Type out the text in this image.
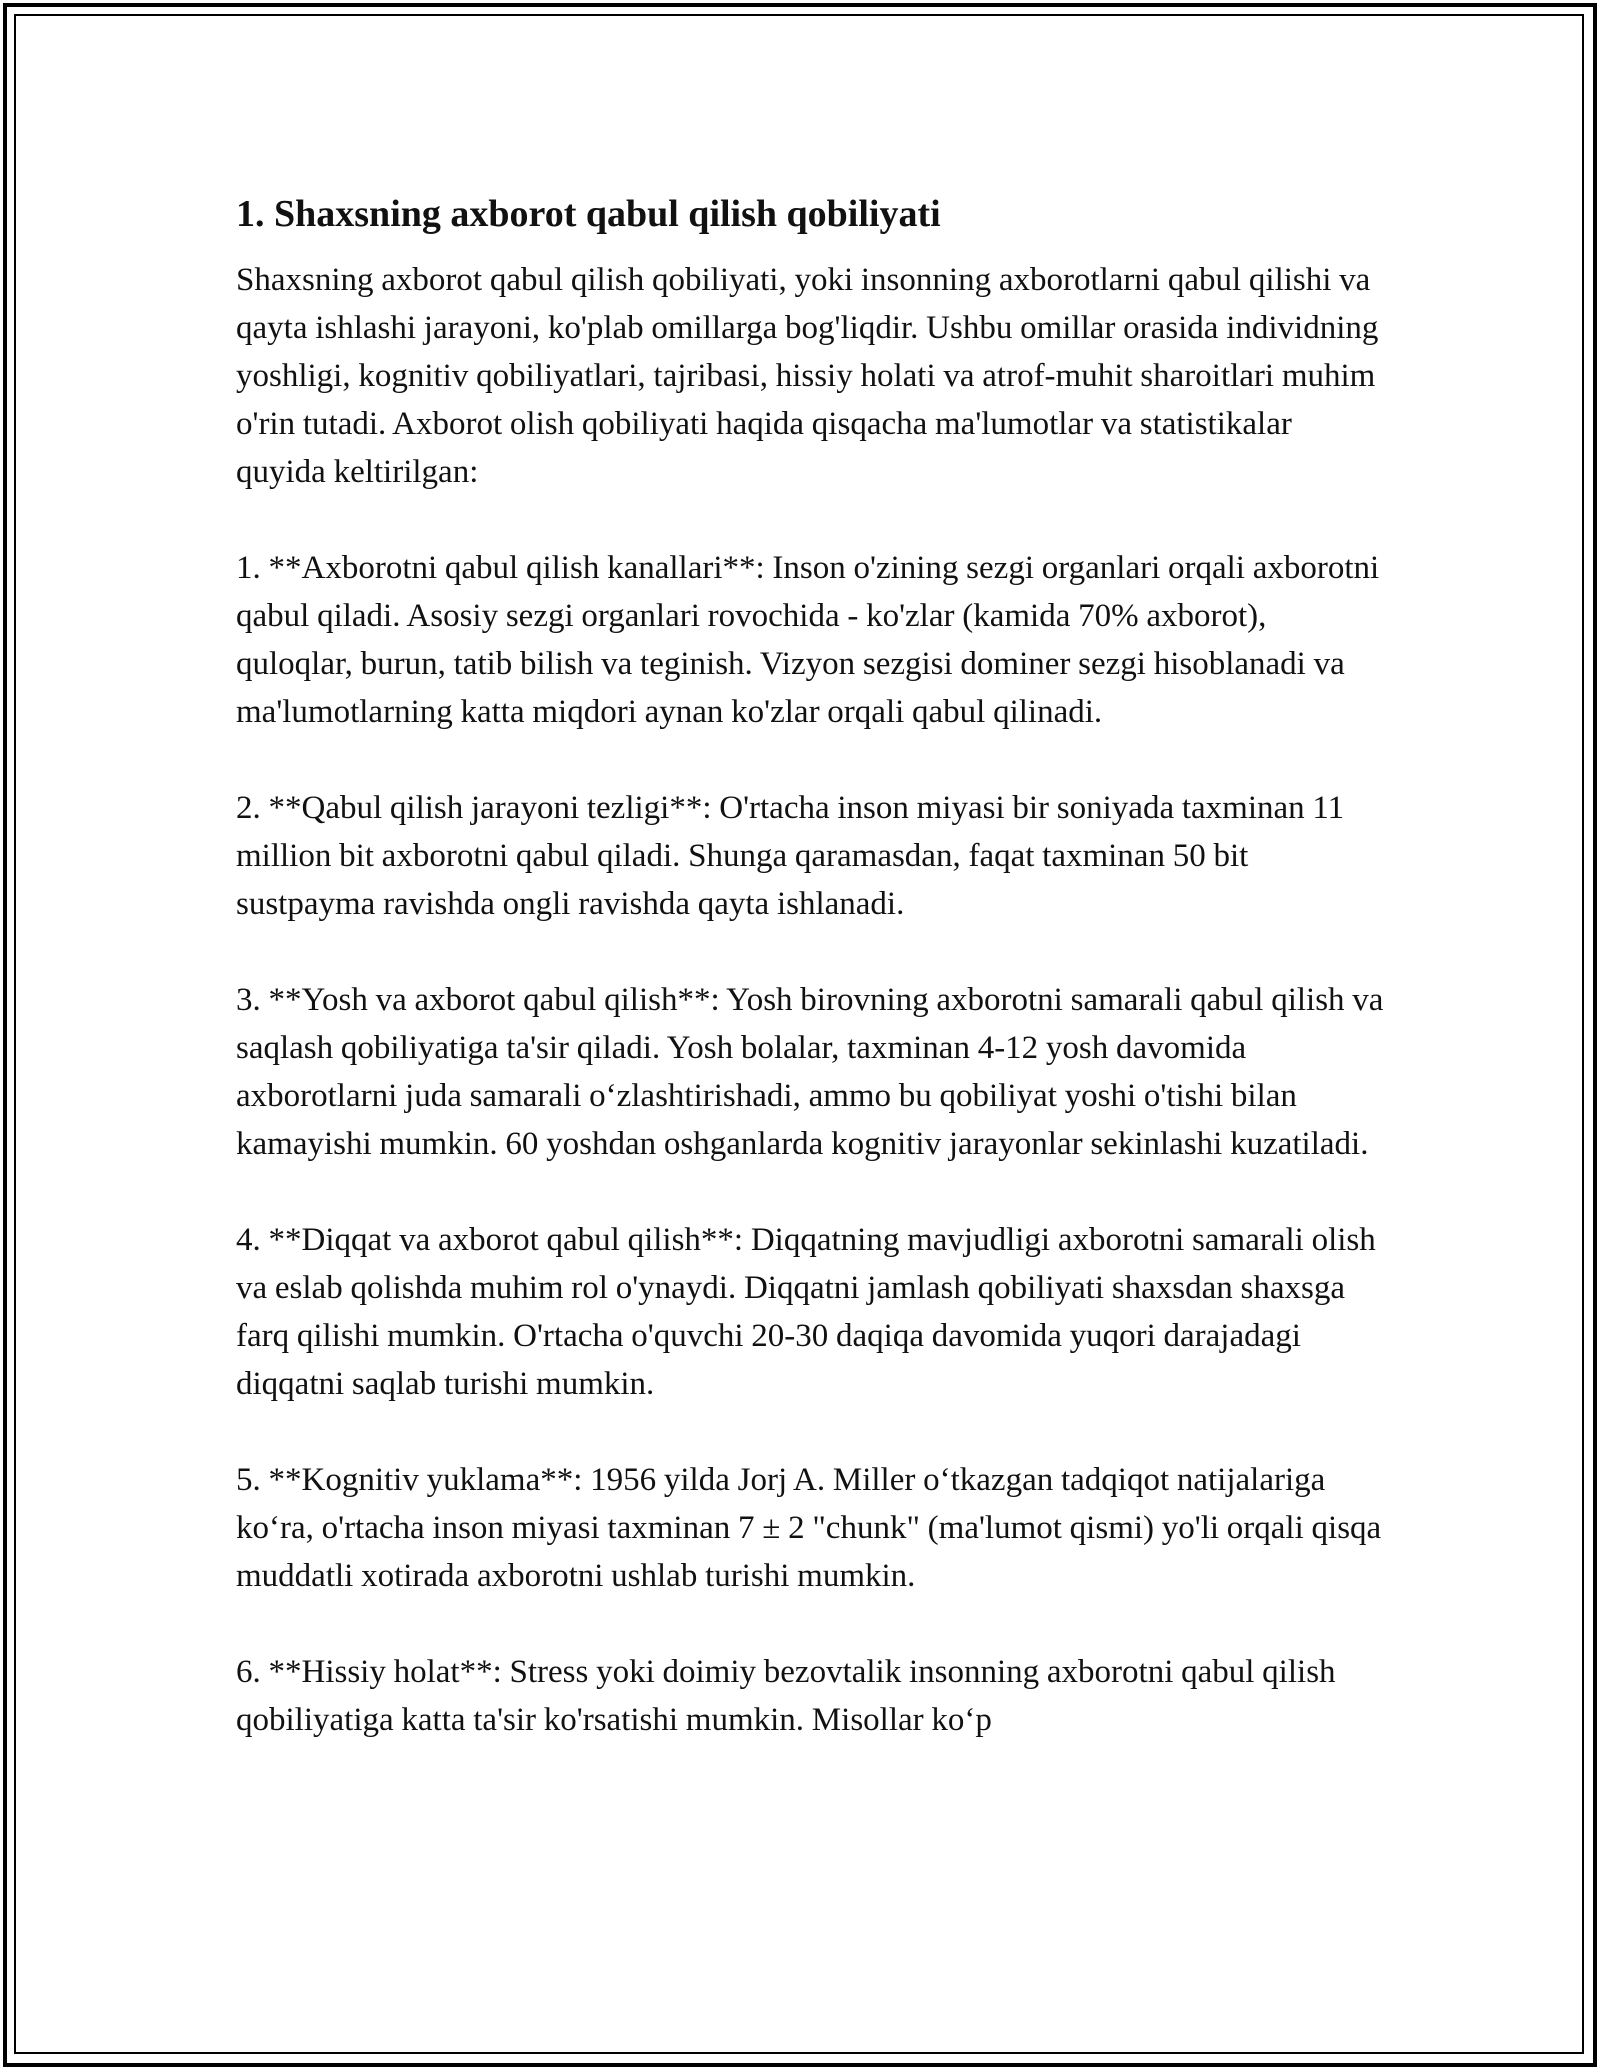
1. Shaxsning axborot qabul qilish qobiliyati

Shaxsning axborot qabul qilish qobiliyati, yoki insonning axborotlarni qabul qilishi va qayta ishlashi jarayoni, ko'plab omillarga bog'liqdir. Ushbu omillar orasida individning yoshligi, kognitiv qobiliyatlari, tajribasi, hissiy holati va atrof-muhit sharoitlari muhim o'rin tutadi. Axborot olish qobiliyati haqida qisqacha ma'lumotlar va statistikalar quyida keltirilgan:

1. **Axborotni qabul qilish kanallari**: Inson o'zining sezgi organlari orqali axborotni qabul qiladi. Asosiy sezgi organlari rovochida - ko'zlar (kamida 70% axborot), quloqlar, burun, tatib bilish va teginish. Vizyon sezgisi dominer sezgi hisoblanadi va ma'lumotlarning katta miqdori aynan ko'zlar orqali qabul qilinadi.

2. **Qabul qilish jarayoni tezligi**: O'rtacha inson miyasi bir soniyada taxminan 11 million bit axborotni qabul qiladi. Shunga qaramasdan, faqat taxminan 50 bit sustpayma ravishda ongli ravishda qayta ishlanadi.

3. **Yosh va axborot qabul qilish**: Yosh birovning axborotni samarali qabul qilish va saqlash qobiliyatiga ta'sir qiladi. Yosh bolalar, taxminan 4-12 yosh davomida axborotlarni juda samarali o‘zlashtirishadi, ammo bu qobiliyat yoshi o'tishi bilan kamayishi mumkin. 60 yoshdan oshganlarda kognitiv jarayonlar sekinlashi kuzatiladi.

4. **Diqqat va axborot qabul qilish**: Diqqatning mavjudligi axborotni samarali olish va eslab qolishda muhim rol o'ynaydi. Diqqatni jamlash qobiliyati shaxsdan shaxsga farq qilishi mumkin. O'rtacha o'quvchi 20-30 daqiqa davomida yuqori darajadagi diqqatni saqlab turishi mumkin.

5. **Kognitiv yuklama**: 1956 yilda Jorj A. Miller o‘tkazgan tadqiqot natijalariga ko‘ra, o'rtacha inson miyasi taxminan 7 ± 2 "chunk" (ma'lumot qismi) yo'li orqali qisqa muddatli xotirada axborotni ushlab turishi mumkin.

6. **Hissiy holat**: Stress yoki doimiy bezovtalik insonning axborotni qabul qilish qobiliyatiga katta ta'sir ko'rsatishi mumkin. Misollar ko‘p
